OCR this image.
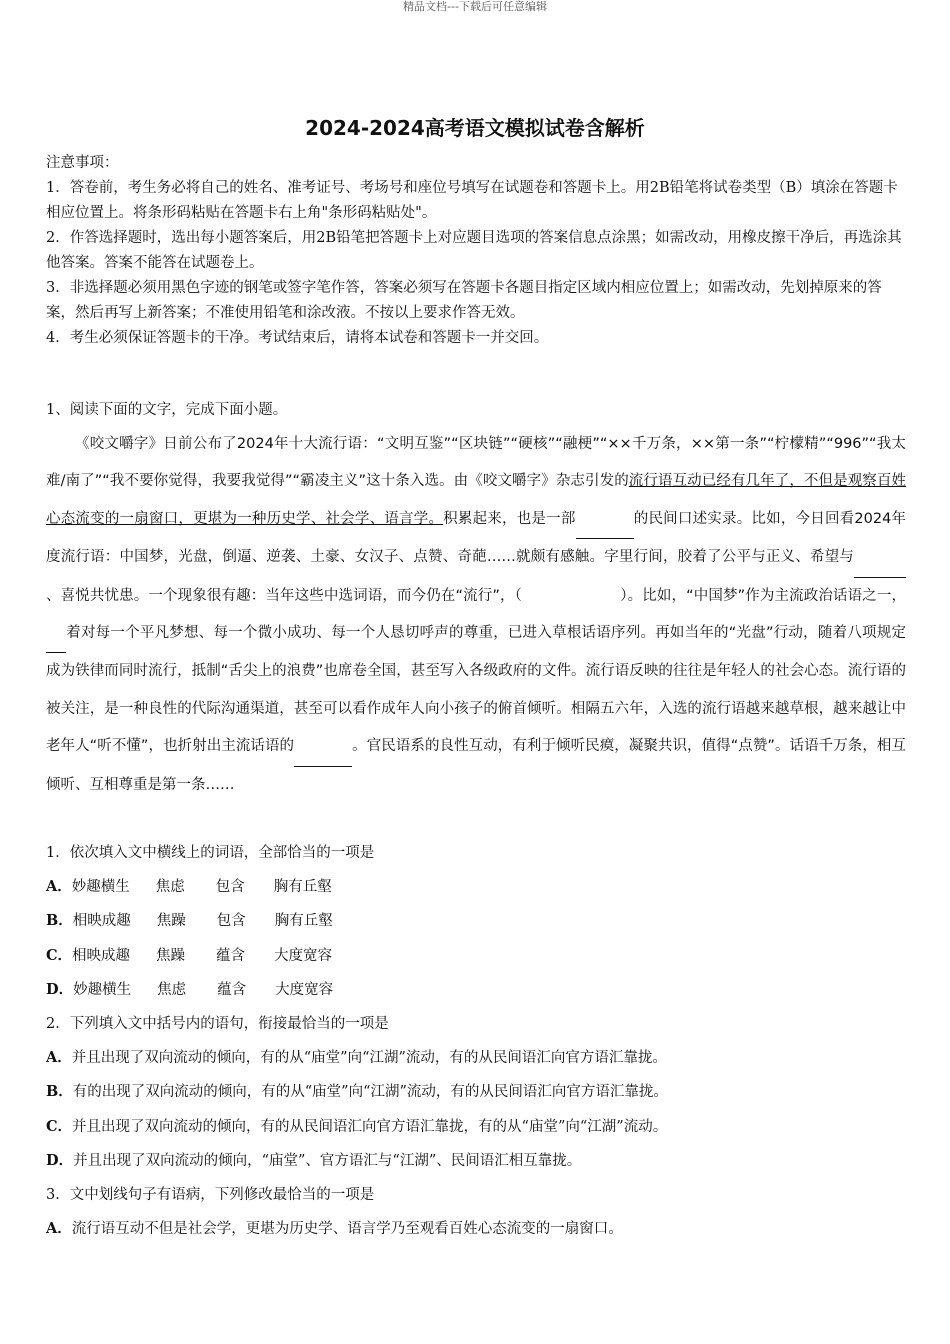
精品文档---下载后可任意编辑
2024-2024高考语文模拟试卷含解析

注意事项：

1．答卷前，考生务必将自己的姓名、准考证号、考场号和座位号填写在试题卷和答题卡上。用2B铅笔将试卷类型（B）填涂在答题卡相应位置上。将条形码粘贴在答题卡右上角"条形码粘贴处"。

2．作答选择题时，选出每小题答案后，用2B铅笔把答题卡上对应题目选项的答案信息点涂黑；如需改动，用橡皮擦干净后，再选涂其他答案。答案不能答在试题卷上。

3．非选择题必须用黑色字迹的钢笔或签字笔作答，答案必须写在答题卡各题目指定区域内相应位置上；如需改动，先划掉原来的答案，然后再写上新答案；不准使用铅笔和涂改液。不按以上要求作答无效。

4．考生必须保证答题卡的干净。考试结束后，请将本试卷和答题卡一并交回。

1、阅读下面的文字，完成下面小题。

《咬文嚼字》日前公布了2024年十大流行语：“文明互鉴”“区块链”“硬核”“融梗”“××千万条，××第一条”“柠檬精”“996”“我太难/南了”“我不要你觉得，我要我觉得”“霸凌主义”这十条入选。由《咬文嚼字》杂志引发的流行语互动已经有几年了，不但是观察百姓心态流变的一扇窗口，更堪为一种历史学、社会学、语言学。积累起来，也是一部	的民间口述实录。比如，今日回看2024年度流行语：中国梦，光盘，倒逼、逆袭、土豪、女汉子、点赞、奇葩……就颇有感触。字里行间，胶着了公平与正义、希望与 、喜悦共忧患。一个现象很有趣：当年这些中选词语，而今仍在“流行”，（	）。比如，“中国梦”作为主流政治话语之一， 着对每一个平凡梦想、每一个微小成功、每一个人恳切呼声的尊重，已进入草根话语序列。再如当年的“光盘”行动，随着八项规定成为铁律而同时流行，抵制“舌尖上的浪费”也席卷全国，甚至写入各级政府的文件。流行语反映的往往是年轻人的社会心态。流行语的被关注，是一种良性的代际沟通渠道，甚至可以看作成年人向小孩子的俯首倾听。相隔五六年，入选的流行语越来越草根，越来越让中老年人“听不懂”，也折射出主流话语的	。官民语系的良性互动，有利于倾听民瘼，凝聚共识，值得“点赞”。话语千万条，相互倾听、互相尊重是第一条……

1．依次填入文中横线上的词语，全部恰当的一项是

A．妙趣横生 焦虑 包含 胸有丘壑

B．相映成趣 焦躁 包含 胸有丘壑

C．相映成趣 焦躁 蕴含 大度宽容

D．妙趣横生 焦虑 蕴含 大度宽容

2．下列填入文中括号内的语句，衔接最恰当的一项是

A．并且出现了双向流动的倾向，有的从“庙堂”向“江湖”流动，有的从民间语汇向官方语汇靠拢。

B．有的出现了双向流动的倾向，有的从“庙堂”向“江湖”流动，有的从民间语汇向官方语汇靠拢。

C．并且出现了双向流动的倾向，有的从民间语汇向官方语汇靠拢，有的从“庙堂”向“江湖”流动。

D．并且出现了双向流动的倾向，“庙堂”、官方语汇与“江湖”、民间语汇相互靠拢。

3．文中划线句子有语病，下列修改最恰当的一项是

A．流行语互动不但是社会学，更堪为历史学、语言学乃至观看百姓心态流变的一扇窗口。
